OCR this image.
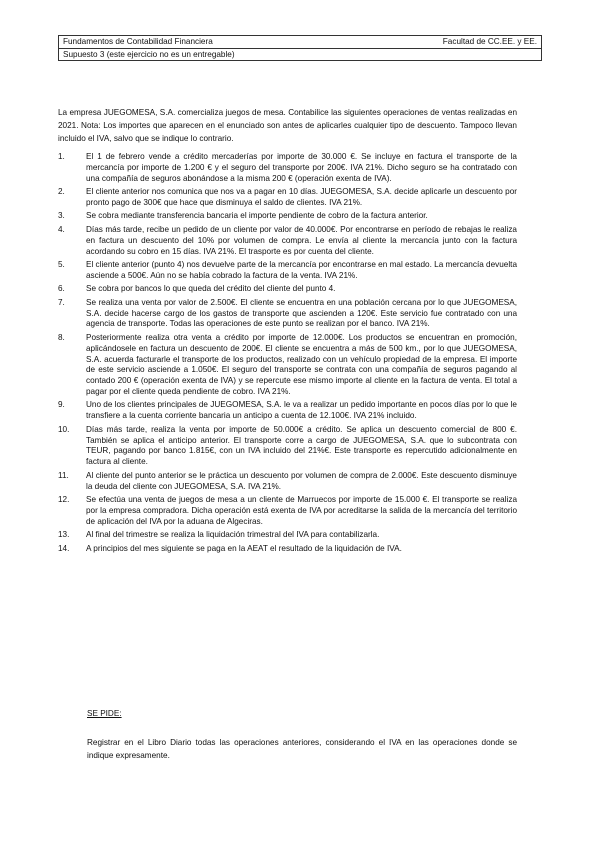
Fundamentos de Contabilidad Financiera	Facultad de CC.EE. y EE.
Supuesto 3 (este ejercicio no es un entregable)

La empresa JUEGOMESA, S.A. comercializa juegos de mesa. Contabilice las siguientes operaciones de ventas realizadas en 2021. Nota: Los importes que aparecen en el enunciado son antes de aplicarles cualquier tipo de descuento. Tampoco llevan incluido el IVA, salvo que se indique lo contrario.

1.	El 1 de febrero vende a crédito mercaderías por importe de 30.000 €. Se incluye en factura el transporte de la mercancía por importe de 1.200 € y el seguro del transporte por 200€. IVA 21%. Dicho seguro se ha contratado con una compañía de seguros abonándose a la misma 200 € (operación exenta de IVA).
2.	El cliente anterior nos comunica que nos va a pagar en 10 días. JUEGOMESA, S.A. decide aplicarle un descuento por pronto pago de 300€ que hace que disminuya el saldo de clientes. IVA 21%.
3.	Se cobra mediante transferencia bancaria el importe pendiente de cobro de la factura anterior.
4.	Días más tarde, recibe un pedido de un cliente por valor de 40.000€. Por encontrarse en período de rebajas le realiza en factura un descuento del 10% por volumen de compra. Le envía al cliente la mercancía junto con la factura acordando su cobro en 15 días. IVA 21%. El trasporte es por cuenta del cliente.
5.	El cliente anterior (punto 4) nos devuelve parte de la mercancía por encontrarse en mal estado. La mercancía devuelta asciende a 500€. Aún no se había cobrado la factura de la venta. IVA 21%.
6.	Se cobra por bancos lo que queda del crédito del cliente del punto 4.
7.	Se realiza una venta por valor de 2.500€. El cliente se encuentra en una población cercana por lo que JUEGOMESA, S.A. decide hacerse cargo de los gastos de transporte que ascienden a 120€. Este servicio fue contratado con una agencia de transporte. Todas las operaciones de este punto se realizan por el banco. IVA 21%.
8.	Posteriormente realiza otra venta a crédito por importe de 12.000€. Los productos se encuentran en promoción, aplicándosele en factura un descuento de 200€. El cliente se encuentra a más de 500 km., por lo que JUEGOMESA, S.A. acuerda facturarle el transporte de los productos, realizado con un vehículo propiedad de la empresa. El importe de este servicio asciende a 1.050€. El seguro del transporte se contrata con una compañía de seguros pagando al contado 200 € (operación exenta de IVA) y se repercute ese mismo importe al cliente en la factura de venta. El total a pagar por el cliente queda pendiente de cobro. IVA 21%.
9.	Uno de los clientes principales de JUEGOMESA, S.A. le va a realizar un pedido importante en pocos días por lo que le transfiere a la cuenta corriente bancaria un anticipo a cuenta de 12.100€. IVA 21% incluido.
10.	Días más tarde, realiza la venta por importe de 50.000€ a crédito. Se aplica un descuento comercial de 800 €. También se aplica el anticipo anterior. El transporte corre a cargo de JUEGOMESA, S.A. que lo subcontrata con TEUR, pagando por banco 1.815€, con un IVA incluido del 21%€. Este transporte es repercutido adicionalmente en factura al cliente.
11.	Al cliente del punto anterior se le práctica un descuento por volumen de compra de 2.000€. Este descuento disminuye la deuda del cliente con JUEGOMESA, S.A. IVA 21%.
12.	Se efectúa una venta de juegos de mesa a un cliente de Marruecos por importe de 15.000 €. El transporte se realiza por la empresa compradora. Dicha operación está exenta de IVA por acreditarse la salida de la mercancía del territorio de aplicación del IVA por la aduana de Algeciras.
13.	Al final del trimestre se realiza la liquidación trimestral del IVA para contabilizarla.
14.	A principios del mes siguiente se paga en la AEAT el resultado de la liquidación de IVA.
SE PIDE:

Registrar en el Libro Diario todas las operaciones anteriores, considerando el IVA en las operaciones donde se indique expresamente.
